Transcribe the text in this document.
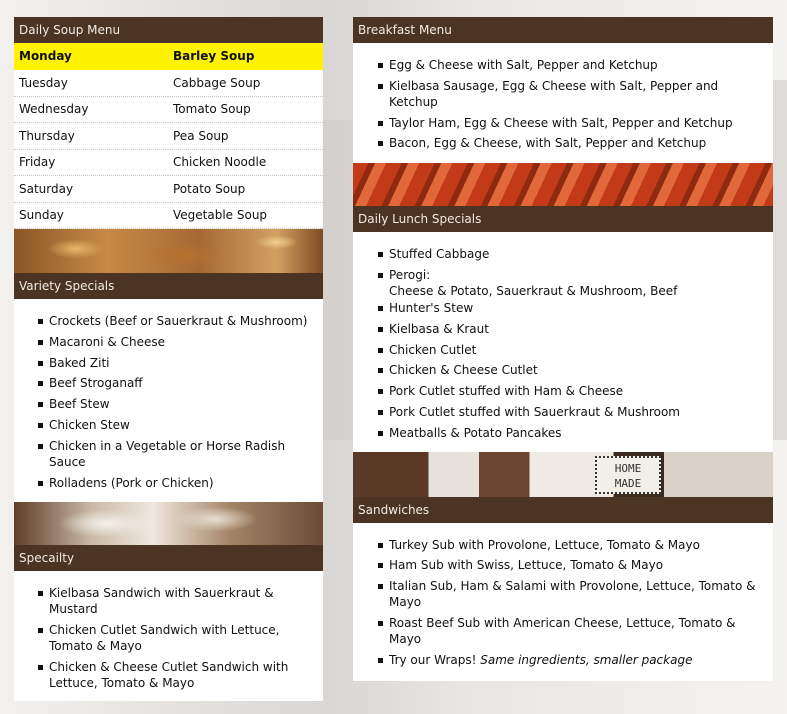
Daily Soup Menu
Monday	Barley Soup
Tuesday	Cabbage Soup
Wednesday	Tomato Soup
Thursday	Pea Soup
Friday	Chicken Noodle
Saturday	Potato Soup
Sunday	Vegetable Soup
Variety Specials
Crockets (Beef or Sauerkraut & Mushroom)
Macaroni & Cheese
Baked Ziti
Beef Stroganaff
Beef Stew
Chicken Stew
Chicken in a Vegetable or Horse Radish Sauce
Rolladens (Pork or Chicken)
Specailty
Kielbasa Sandwich with Sauerkraut & Mustard
Chicken Cutlet Sandwich with Lettuce, Tomato & Mayo
Chicken & Cheese Cutlet Sandwich with Lettuce, Tomato & Mayo
Breakfast Menu
Egg & Cheese with Salt, Pepper and Ketchup
Kielbasa Sausage, Egg & Cheese with Salt, Pepper and Ketchup
Taylor Ham, Egg & Cheese with Salt, Pepper and Ketchup
Bacon, Egg & Cheese, with Salt, Pepper and Ketchup
Daily Lunch Specials
Stuffed Cabbage
Perogi:
Cheese & Potato, Sauerkraut & Mushroom, Beef
Hunter's Stew
Kielbasa & Kraut
Chicken Cutlet
Chicken & Cheese Cutlet
Pork Cutlet stuffed with Ham & Cheese
Pork Cutlet stuffed with Sauerkraut & Mushroom
Meatballs & Potato Pancakes
HOME
MADE
Sandwiches
Turkey Sub with Provolone, Lettuce, Tomato & Mayo
Ham Sub with Swiss, Lettuce, Tomato & Mayo
Italian Sub, Ham & Salami with Provolone, Lettuce, Tomato & Mayo
Roast Beef Sub with American Cheese, Lettuce, Tomato & Mayo
Try our Wraps! Same ingredients, smaller package
